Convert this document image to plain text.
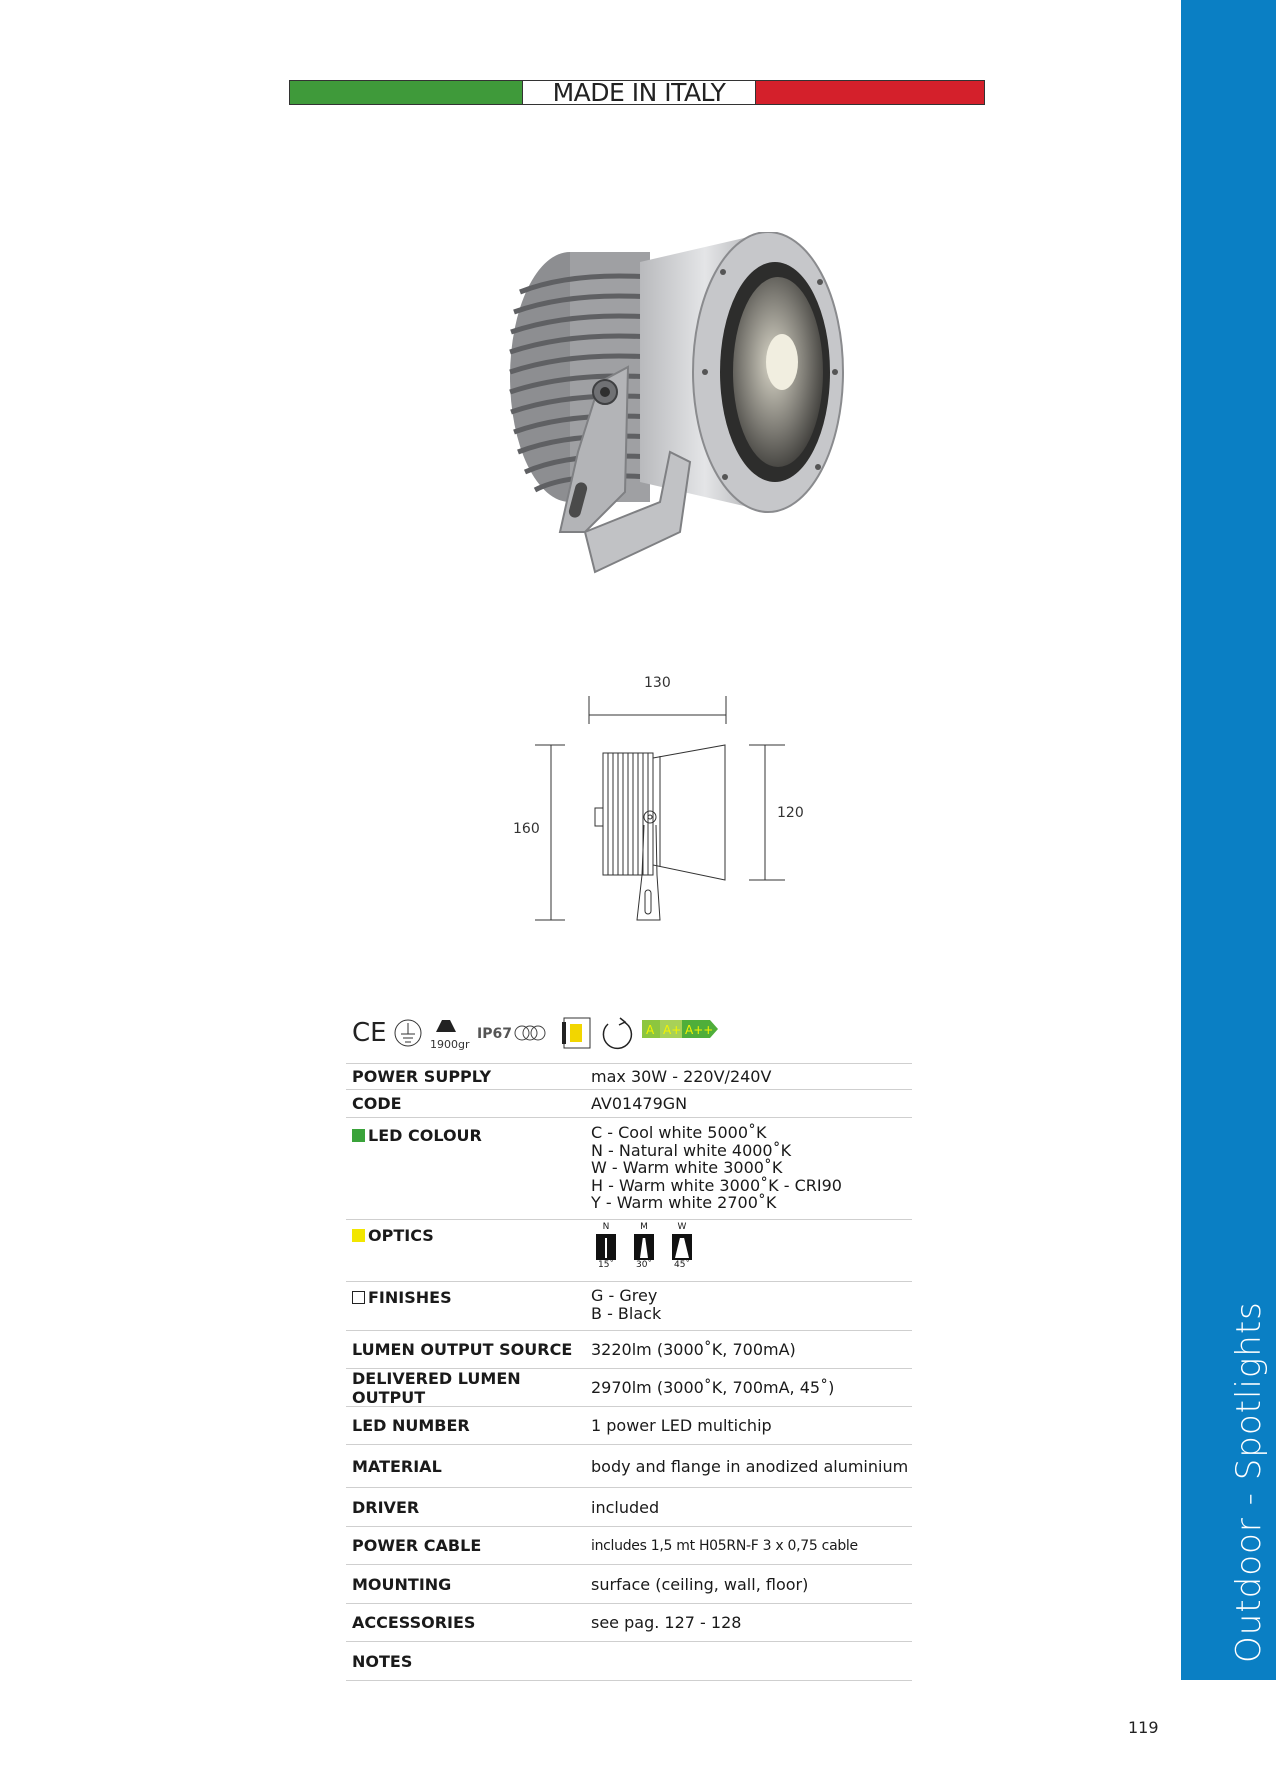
MADE IN ITALY
Outdoor - Spotlights
130
160
120
CE	1900gr
IP67	A A+ A++
POWER SUPPLY	max 30W - 220V/240V
CODE	AV01479GN
LED COLOUR	C - Cool white 5000˚K
N - Natural white 4000˚K
W - Warm white 3000˚K
H - Warm white 3000˚K - CRI90
Y - Warm white 2700˚K
OPTICS	N
15˚
M
30˚
W
45˚
FINISHES	G - Grey
B - Black
LUMEN OUTPUT SOURCE	3220lm (3000˚K, 700mA)
DELIVERED LUMEN OUTPUT	2970lm (3000˚K, 700mA, 45˚)
LED NUMBER	1 power LED multichip
MATERIAL	body and flange in anodized aluminium
DRIVER	included
POWER CABLE	includes 1,5 mt H05RN-F 3 x 0,75 cable
MOUNTING	surface (ceiling, wall, floor)
ACCESSORIES	see pag. 127 - 128
NOTES
119
